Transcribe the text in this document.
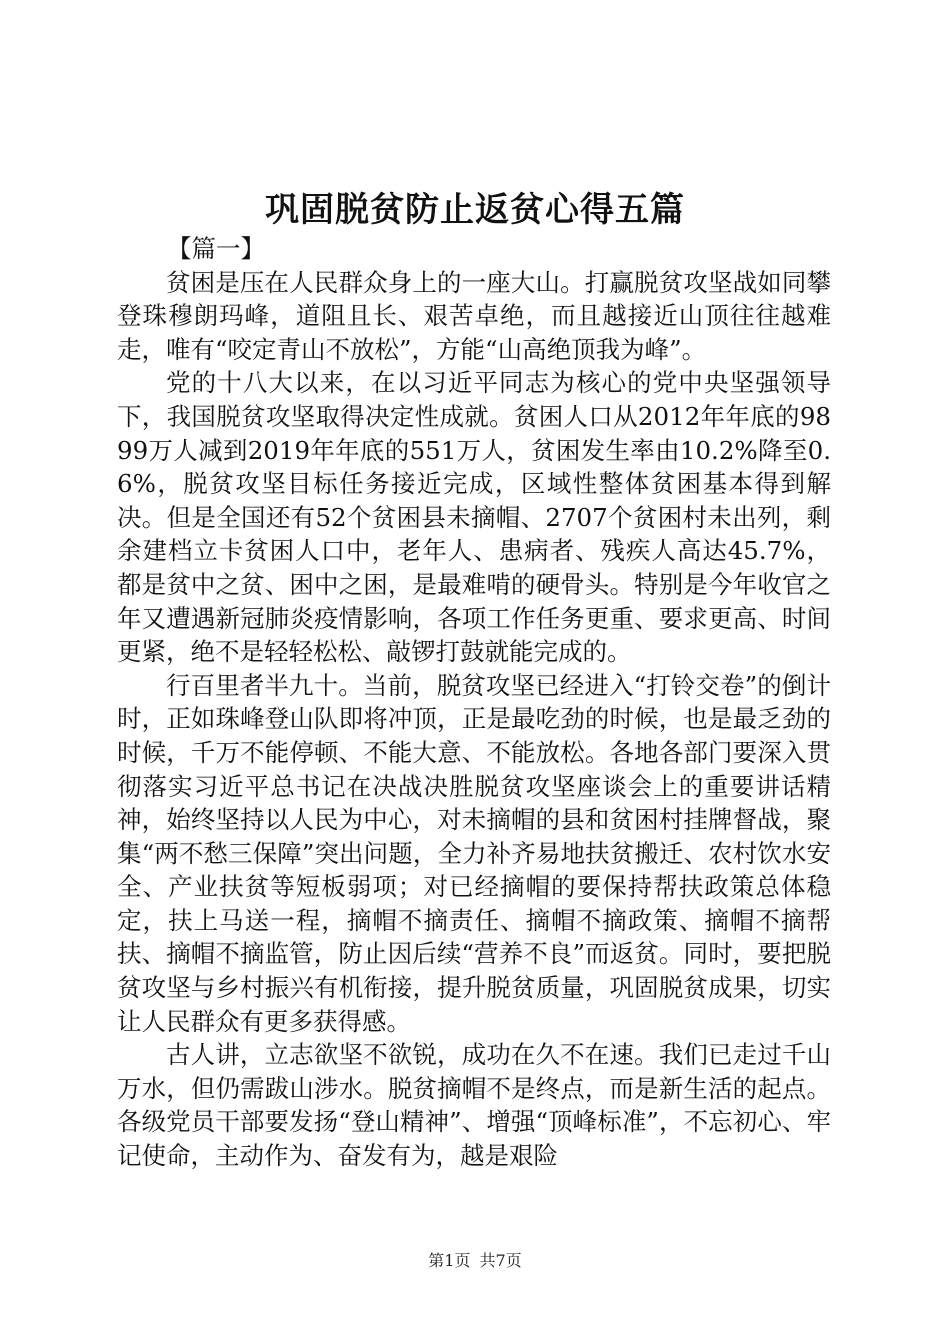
巩固脱贫防止返贫心得五篇

【篇一】

贫困是压在人民群众身上的一座大山。打赢脱贫攻坚战如同攀登珠穆朗玛峰，道阻且长、艰苦卓绝，而且越接近山顶往往越难走，唯有“咬定青山不放松”，方能“山高绝顶我为峰”。

党的十八大以来，在以习近平同志为核心的党中央坚强领导下，我国脱贫攻坚取得决定性成就。贫困人口从2012年年底的9899万人减到2019年年底的551万人，贫困发生率由10.2%降至0.6%，脱贫攻坚目标任务接近完成，区域性整体贫困基本得到解决。但是全国还有52个贫困县未摘帽、2707个贫困村未出列，剩余建档立卡贫困人口中，老年人、患病者、残疾人高达45.7%，都是贫中之贫、困中之困，是最难啃的硬骨头。特别是今年收官之年又遭遇新冠肺炎疫情影响，各项工作任务更重、要求更高、时间更紧，绝不是轻轻松松、敲锣打鼓就能完成的。

行百里者半九十。当前，脱贫攻坚已经进入“打铃交卷”的倒计时，正如珠峰登山队即将冲顶，正是最吃劲的时候，也是最乏劲的时候，千万不能停顿、不能大意、不能放松。各地各部门要深入贯彻落实习近平总书记在决战决胜脱贫攻坚座谈会上的重要讲话精神，始终坚持以人民为中心，对未摘帽的县和贫困村挂牌督战，聚集“两不愁三保障”突出问题，全力补齐易地扶贫搬迁、农村饮水安全、产业扶贫等短板弱项；对已经摘帽的要保持帮扶政策总体稳定，扶上马送一程，摘帽不摘责任、摘帽不摘政策、摘帽不摘帮扶、摘帽不摘监管，防止因后续“营养不良”而返贫。同时，要把脱贫攻坚与乡村振兴有机衔接，提升脱贫质量，巩固脱贫成果，切实让人民群众有更多获得感。

古人讲，立志欲坚不欲锐，成功在久不在速。我们已走过千山万水，但仍需跋山涉水。脱贫摘帽不是终点，而是新生活的起点。各级党员干部要发扬“登山精神”、增强“顶峰标准”，不忘初心、牢记使命，主动作为、奋发有为，越是艰险

第1页 共7页
